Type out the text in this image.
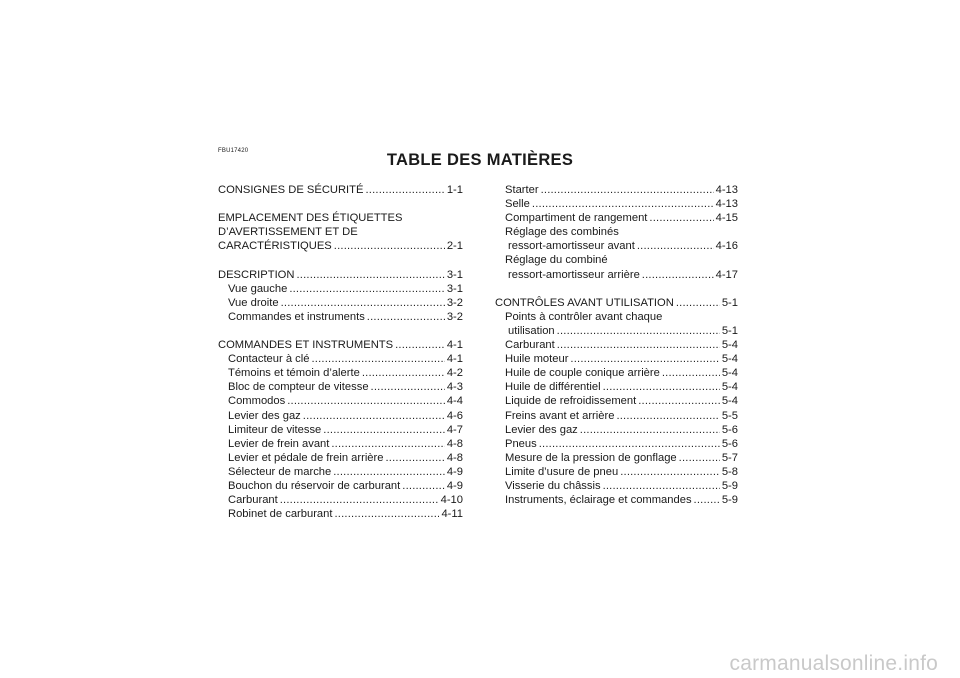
FBU17420	TABLE DES MATIÈRES
CONSIGNES DE SÉCURITÉ .....	1-1
EMPLACEMENT DES ÉTIQUETTES
D’AVERTISSEMENT ET DE
CARACTÉRISTIQUES .....	2-1
DESCRIPTION .....	3-1
Vue gauche .....	3-1
Vue droite .....	3-2
Commandes et instruments .....	3-2
COMMANDES ET INSTRUMENTS .....	4-1
Contacteur à clé .....	4-1
Témoins et témoin d’alerte .....	4-2
Bloc de compteur de vitesse .....	4-3
Commodos .....	4-4
Levier des gaz .....	4-6
Limiteur de vitesse .....	4-7
Levier de frein avant .....	4-8
Levier et pédale de frein arrière .....	4-8
Sélecteur de marche .....	4-9
Bouchon du réservoir de carburant .....	4-9
Carburant .....	4-10
Robinet de carburant .....	4-11
Starter .....	4-13
Selle .....	4-13
Compartiment de rangement .....	4-15
Réglage des combinés
ressort-amortisseur avant .....	4-16
Réglage du combiné
ressort-amortisseur arrière .....	4-17
CONTRÔLES AVANT UTILISATION .....	5-1
Points à contrôler avant chaque
utilisation .....	5-1
Carburant .....	5-4
Huile moteur .....	5-4
Huile de couple conique arrière .....	5-4
Huile de différentiel .....	5-4
Liquide de refroidissement .....	5-4
Freins avant et arrière .....	5-5
Levier des gaz .....	5-6
Pneus .....	5-6
Mesure de la pression de gonflage .....	5-7
Limite d’usure de pneu .....	5-8
Visserie du châssis .....	5-9
Instruments, éclairage et commandes .....	5-9
carmanualsonline.info
